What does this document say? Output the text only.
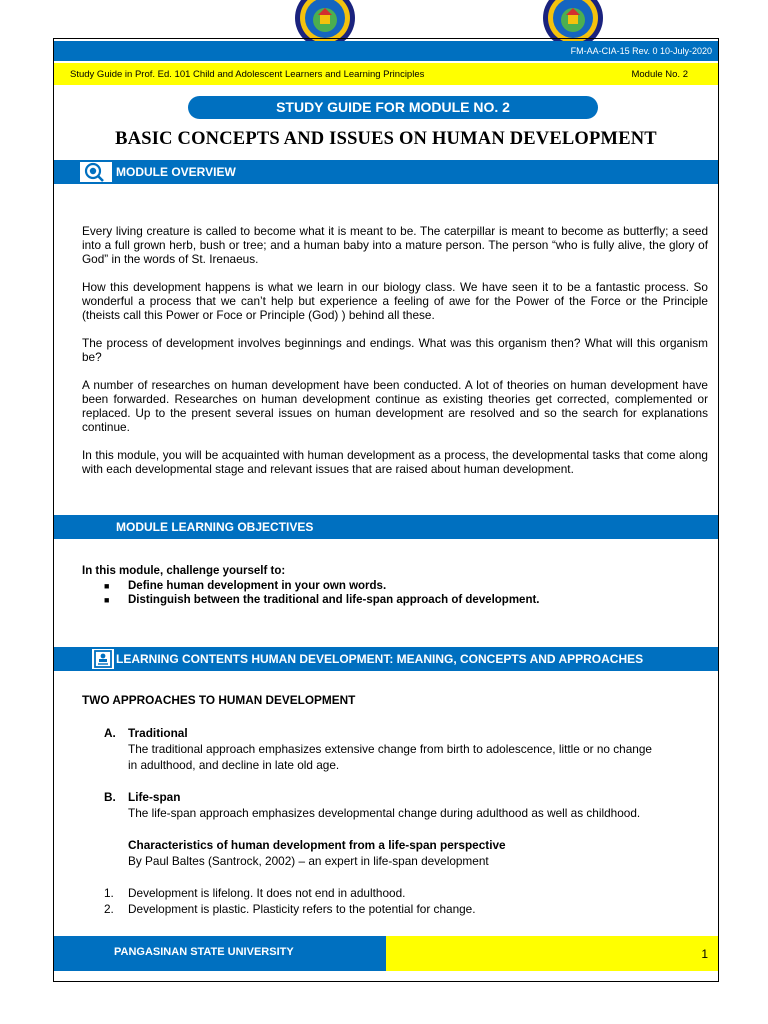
FM-AA-CIA-15 Rev. 0 10-July-2020
Study Guide in Prof. Ed. 101 Child and Adolescent Learners and Learning Principles	Module No. 2
STUDY GUIDE FOR MODULE NO. 2
BASIC CONCEPTS AND ISSUES ON HUMAN DEVELOPMENT
MODULE OVERVIEW

Every living creature is called to become what it is meant to be. The caterpillar is meant to become as butterfly; a seed into a full grown herb, bush or tree; and a human baby into a mature person. The person “who is fully alive, the glory of God” in the words of St. Irenaeus.

How this development happens is what we learn in our biology class. We have seen it to be a fantastic process. So wonderful a process that we can’t help but experience a feeling of awe for the Power of the Force or the Principle (theists call this Power or Foce or Principle (God) ) behind all these.

The process of development involves beginnings and endings. What was this organism then? What will this organism be?

A number of researches on human development have been conducted. A lot of theories on human development have been forwarded. Researches on human development continue as existing theories get corrected, complemented or replaced. Up to the present several issues on human development are resolved and so the search for explanations continue.

In this module, you will be acquainted with human development as a process, the developmental tasks that come along with each developmental stage and relevant issues that are raised about human development.

MODULE LEARNING OBJECTIVES

In this module, challenge yourself to:

■ Define human development in your own words.
■ Distinguish between the traditional and life-span approach of development.
LEARNING CONTENTS HUMAN DEVELOPMENT: MEANING, CONCEPTS AND APPROACHES

TWO APPROACHES TO HUMAN DEVELOPMENT

A. Traditional

The traditional approach emphasizes extensive change from birth to adolescence, little or no change

in adulthood, and decline in late old age.

B. Life-span

The life-span approach emphasizes developmental change during adulthood as well as childhood.

Characteristics of human development from a life-span perspective

By Paul Baltes (Santrock, 2002) – an expert in life-span development

1. Development is lifelong. It does not end in adulthood.

2. Development is plastic. Plasticity refers to the potential for change.

PANGASINAN STATE UNIVERSITY	1
